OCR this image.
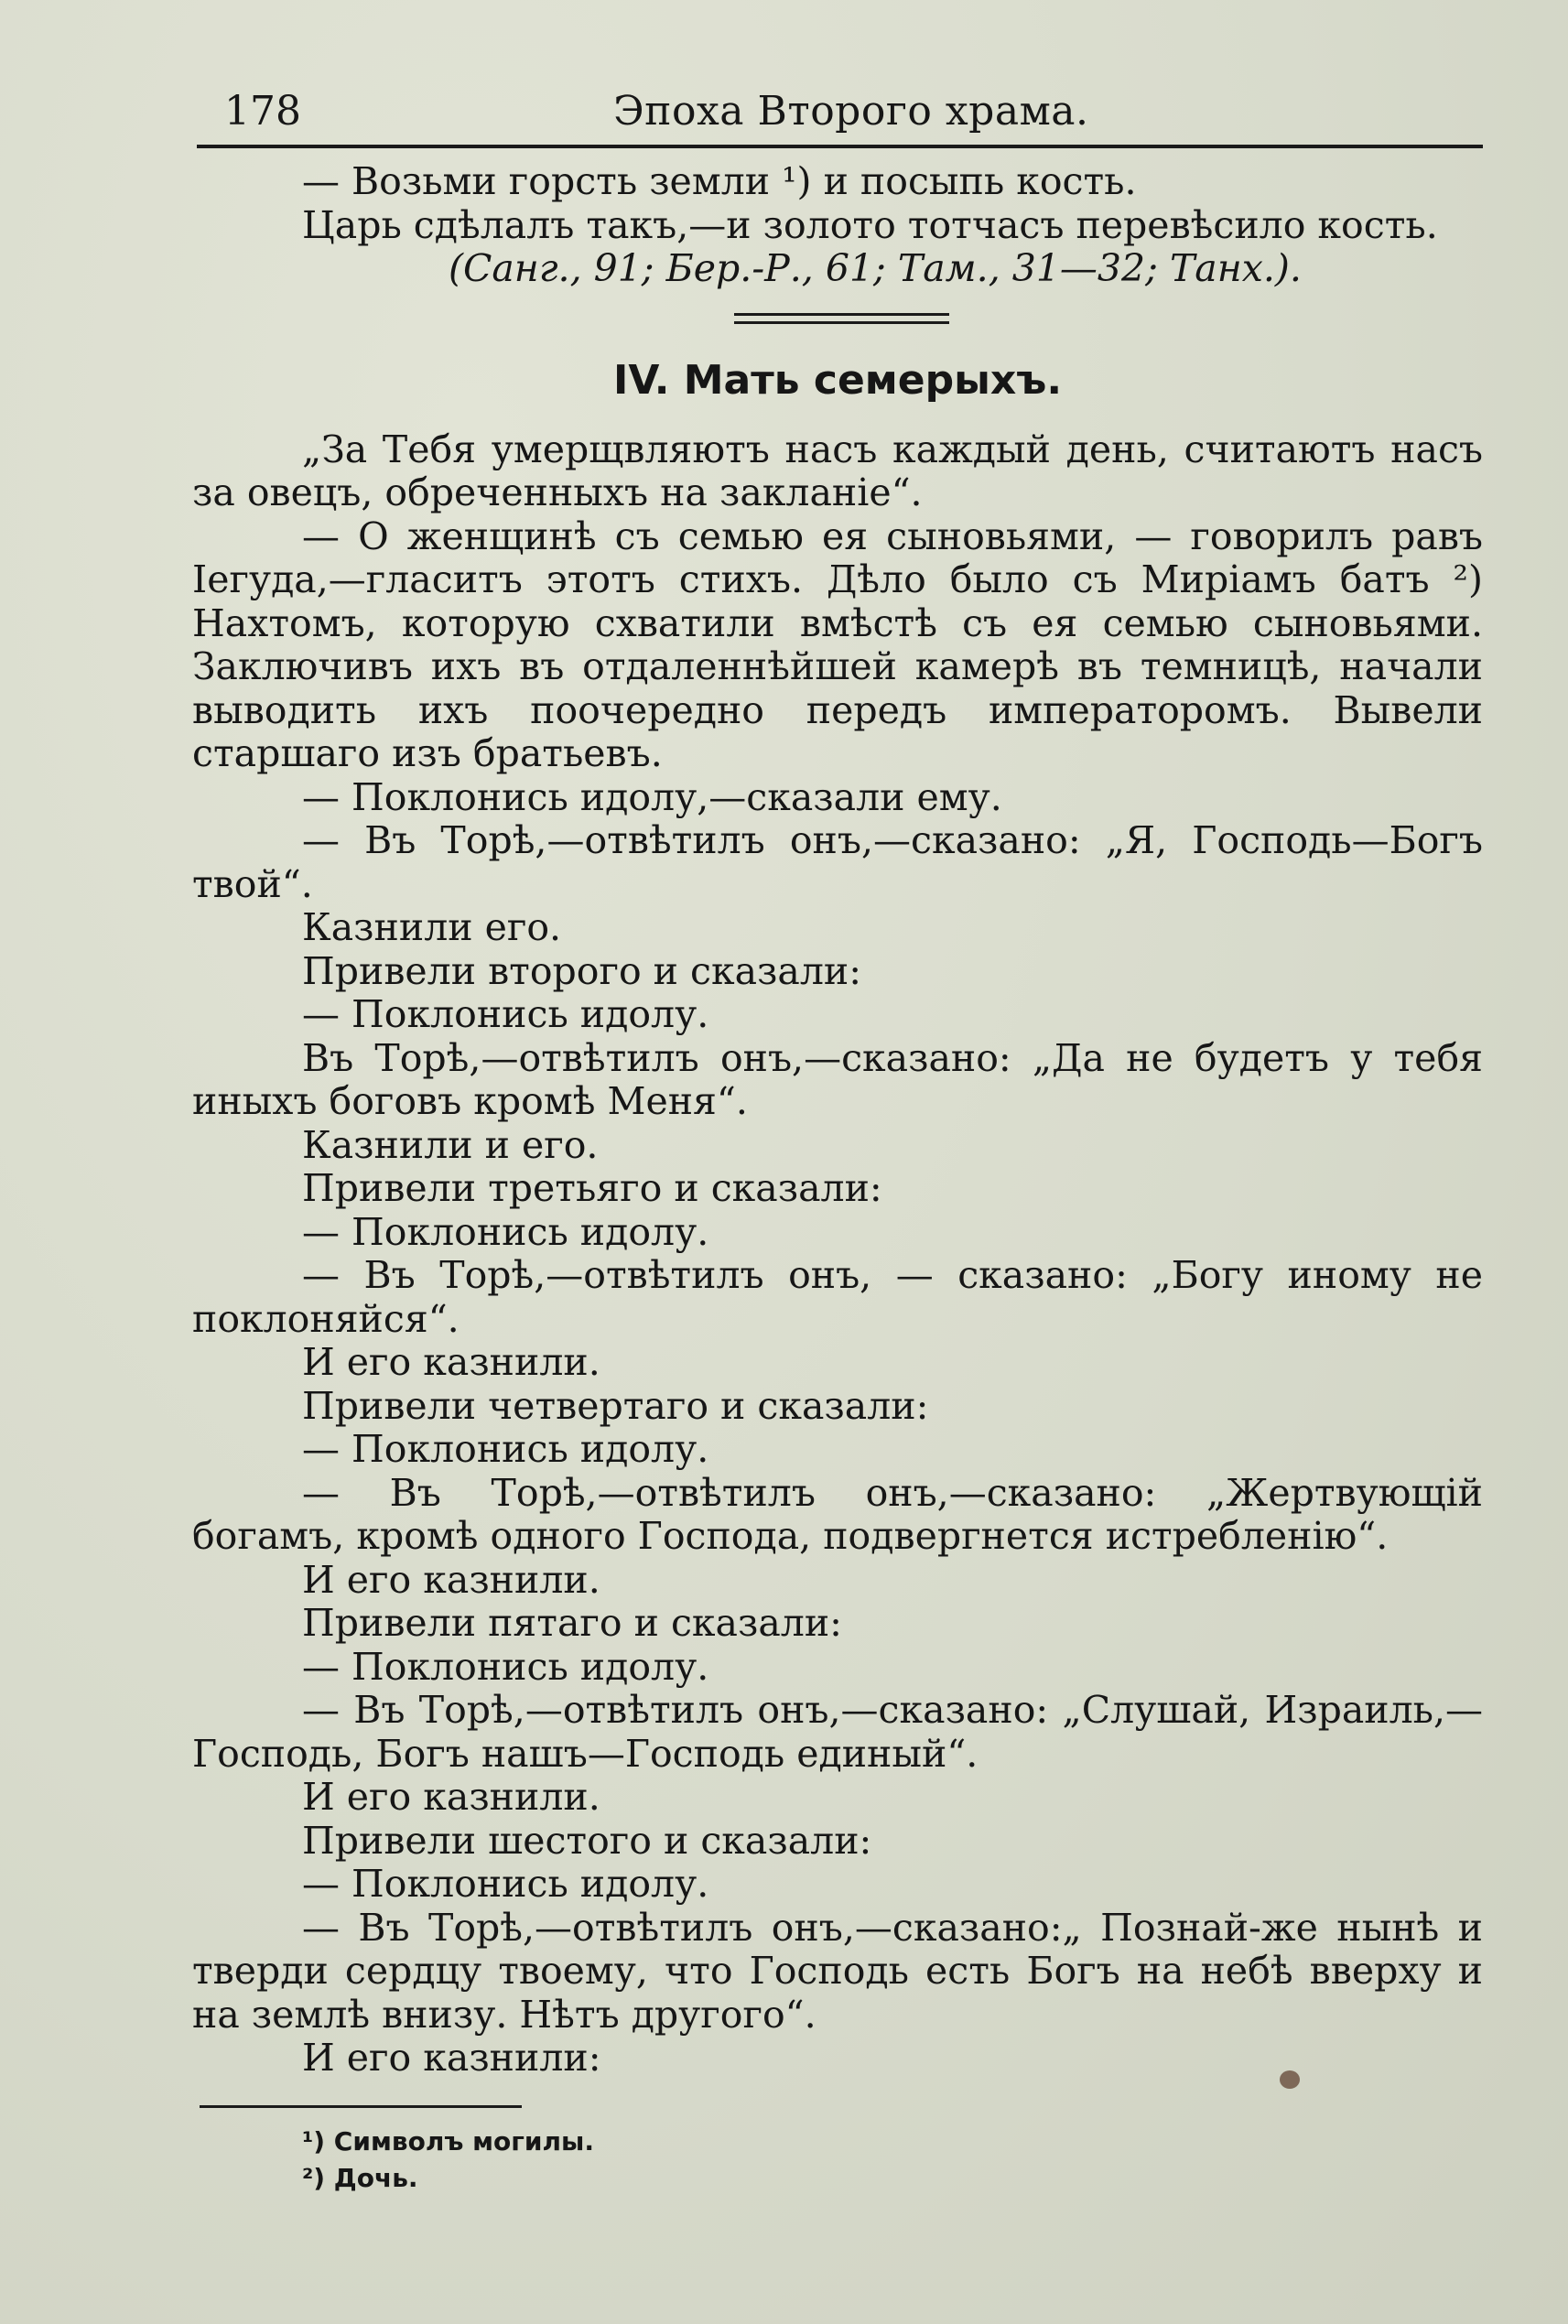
178	Эпоха Второго храма.
— Возьми горсть земли ¹) и посыпь кость.
Царь сдѣлалъ такъ,—и золото тотчасъ перевѣсило кость.
(Санг., 91; Бер.-Р., 61; Там., 31—32; Танх.).
IV. Мать семерыхъ.
„За Тебя умерщвляютъ насъ каждый день, считаютъ насъ за овецъ, обреченныхъ на закланіе“.
— О женщинѣ съ семью ея сыновьями, — говорилъ равъ Іегуда,—гласитъ этотъ стихъ. Дѣло было съ Миріамъ батъ ²) Нахтомъ, которую схватили вмѣстѣ съ ея семью сыновьями. Заключивъ ихъ въ отдаленнѣйшей камерѣ въ темницѣ, начали выводить ихъ поочередно передъ императоромъ. Вывели старшаго изъ братьевъ.
— Поклонись идолу,—сказали ему.
— Въ Торѣ,—отвѣтилъ онъ,—сказано: „Я, Господь—Богъ твой“.
Казнили его.
Привели второго и сказали:
— Поклонись идолу.
Въ Торѣ,—отвѣтилъ онъ,—сказано: „Да не будетъ у тебя иныхъ боговъ кромѣ Меня“.
Казнили и его.
Привели третьяго и сказали:
— Поклонись идолу.
— Въ Торѣ,—отвѣтилъ онъ, — сказано: „Богу иному не поклоняйся“.
И его казнили.
Привели четвертаго и сказали:
— Поклонись идолу.
— Въ Торѣ,—отвѣтилъ онъ,—сказано: „Жертвующій богамъ, кромѣ одного Господа, подвергнется истребленію“.
И его казнили.
Привели пятаго и сказали:
— Поклонись идолу.
— Въ Торѣ,—отвѣтилъ онъ,—сказано: „Слушай, Израиль,— Господь, Богъ нашъ—Господь единый“.
И его казнили.
Привели шестого и сказали:
— Поклонись идолу.
— Въ Торѣ,—отвѣтилъ онъ,—сказано:„ Познай-же нынѣ и тверди сердцу твоему, что Господь есть Богъ на небѣ вверху и на землѣ внизу. Нѣтъ другого“.
И его казнили:
¹) Символъ могилы.
²) Дочь.
